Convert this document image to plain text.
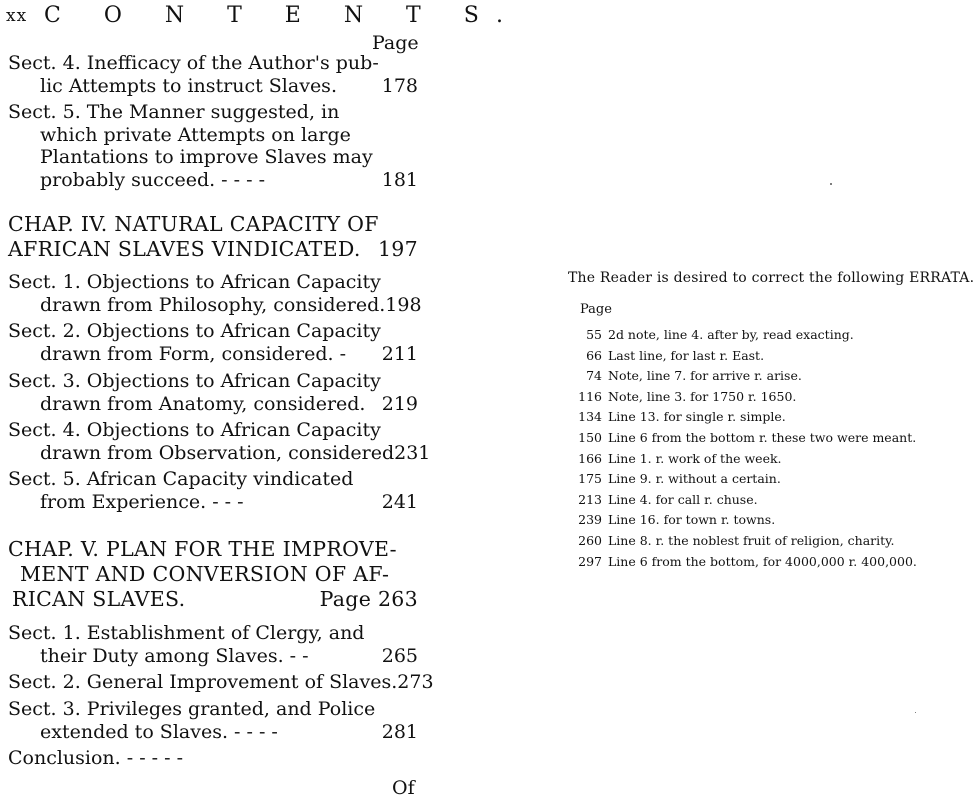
xx C O N T E N T S.
Page
Sect. 4. Inefficacy of the Author's pub-
lic Attempts to instruct Slaves. 178
Sect. 5. The Manner suggested, in
which private Attempts on large
Plantations to improve Slaves may
probably succeed. - - - -	181
CHAP. IV. NATURAL CAPACITY OF
AFRICAN SLAVES VINDICATED. 197
Sect. 1. Objections to African Capacity
drawn from Philosophy, considered. 198
Sect. 2. Objections to African Capacity
drawn from Form, considered. - 211
Sect. 3. Objections to African Capacity
drawn from Anatomy, considered. 219
Sect. 4. Objections to African Capacity
drawn from Observation, considered 231
Sect. 5. African Capacity vindicated
from Experience. - - -	241
CHAP. V. PLAN FOR THE IMPROVE-
MENT AND CONVERSION OF AF-
RICAN SLAVES.	Page 263
Sect. 1. Establishment of Clergy, and
their Duty among Slaves. - -	265
Sect. 2. General Improvement of Slaves. 273
Sect. 3. Privileges granted, and Police
extended to Slaves. - - - -	281
Conclusion. - - - - -
Of
The Reader is desired to correct the following ERRATA.
Page
55 2d note, line 4. after by, read exacting.
66 Last line, for last r. East.
74 Note, line 7. for arrive r. arise.
116 Note, line 3. for 1750 r. 1650.
134 Line 13. for single r. simple.
150 Line 6 from the bottom r. these two were meant.
166 Line 1. r. work of the week.
175 Line 9. r. without a certain.
213 Line 4. for call r. chuse.
239 Line 16. for town r. towns.
260 Line 8. r. the noblest fruit of religion, charity.
297 Line 6 from the bottom, for 4000,000 r. 400,000.
